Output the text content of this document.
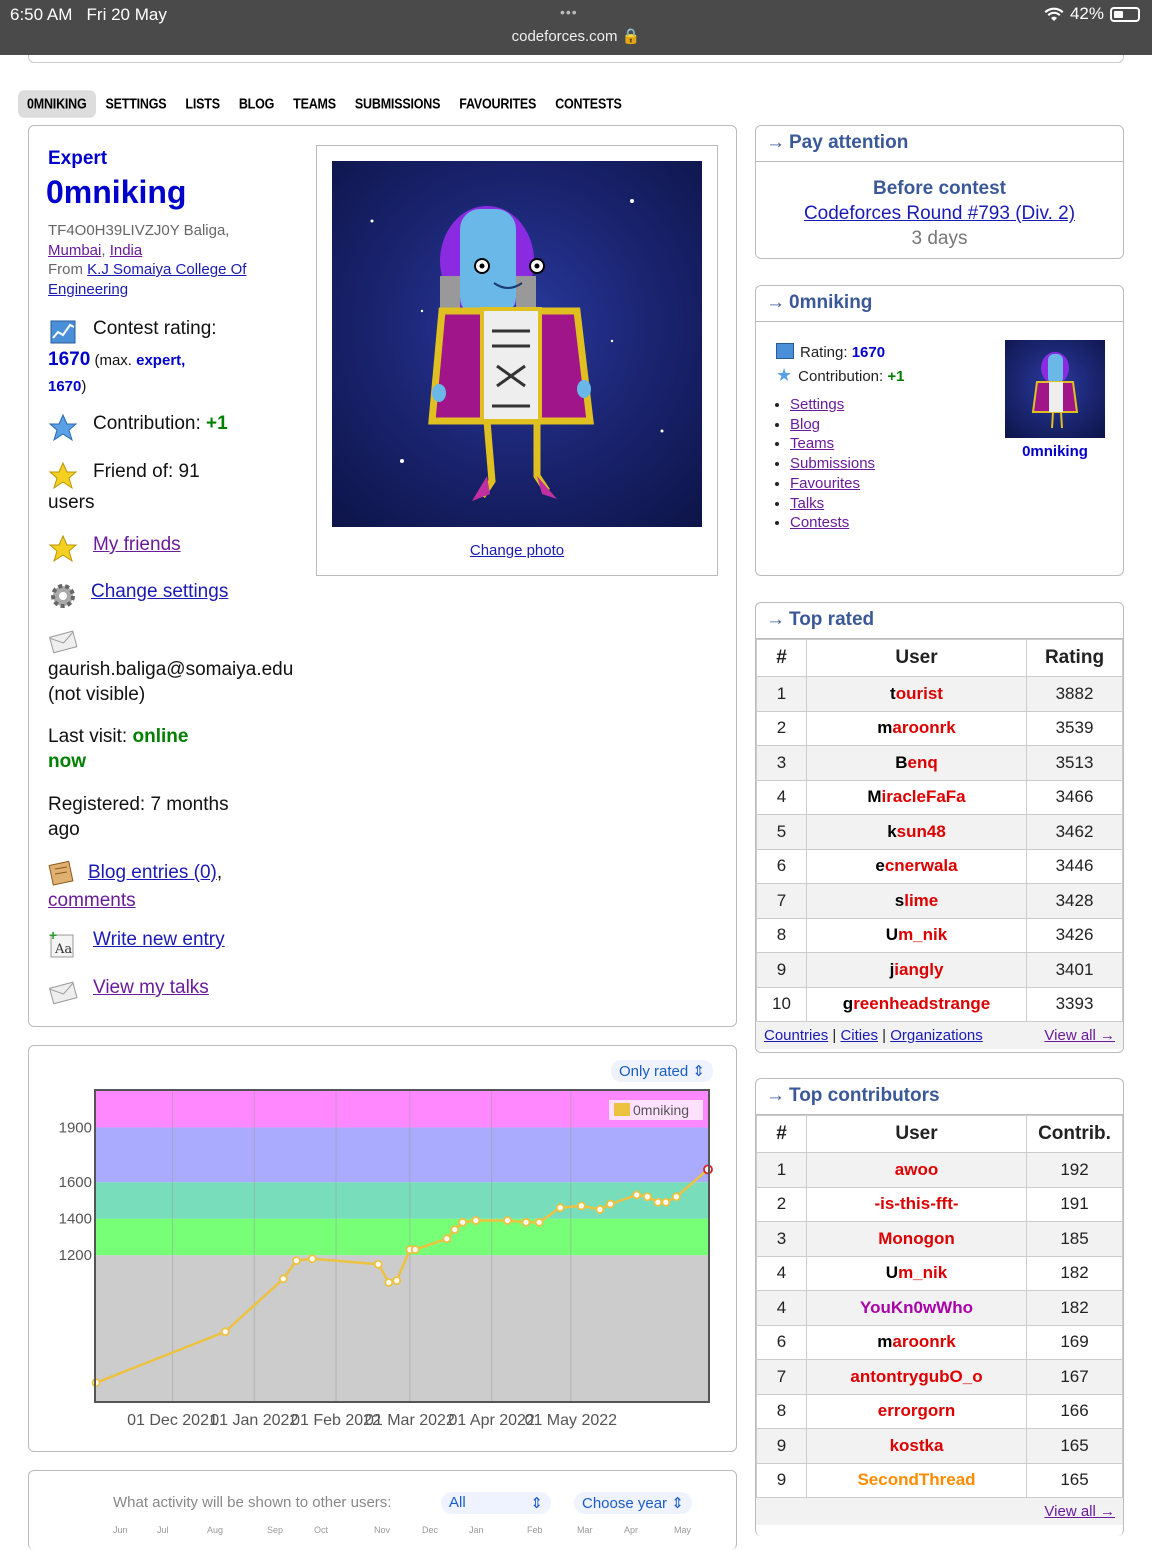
6:50 AM Fri 20 May	•••
codeforces.com 🔒
42%
0MNIKING	SETTINGS	LISTS	BLOG	TEAMS	SUBMISSIONS	FAVOURITES	CONTESTS
Expert
0mniking
TF4O0H39LIVZJ0Y Baliga,
Mumbai, India
From K.J Somaiya College Of Engineering
Contest rating:
1670 (max. expert,
1670)
Contribution: +1
Friend of: 91
users
My friends
Change settings
gaurish.baliga@somaiya.edu
(not visible)
Last visit: online
now
Registered: 7 months
ago
Blog entries (0),
comments
Aa
+ Write new entry
View my talks
Change photo
1200
1400
1600
1900
01 Dec 2021
01 Jan 2022
01 Feb 2022
01 Mar 2022
01 Apr 2022
01 May 2022
0mniking
Only rated ⇕
What activity will be shown to other users:	All	⇕	Choose year ⇕
Jun	Jul	Aug	Sep	Oct	Nov	Dec	Jan	Feb	Mar	Apr	May
→ Pay attention
Before contest
Codeforces Round #793 (Div. 2)
3 days
→ 0mniking
Rating: 1670
★ Contribution: +1
• Settings
• Blog
• Teams
• Submissions
• Favourites
• Talks
• Contests
0mniking
→ Top rated
#	User	Rating
1	tourist	3882
2	maroonrk	3539
3	Benq	3513
4	MiracleFaFa	3466
5	ksun48	3462
6	ecnerwala	3446
7	slime	3428
8	Um_nik	3426
9	jiangly	3401
10	greenheadstrange	3393
Countries | Cities | Organizations	View all →
→ Top contributors
#	User	Contrib.
1	awoo	192
2	-is-this-fft-	191
3	Monogon	185
4	Um_nik	182
4	YouKn0wWho	182
6	maroonrk	169
7	antontrygubO_o	167
8	errorgorn	166
9	kostka	165
9	SecondThread	165
View all →
